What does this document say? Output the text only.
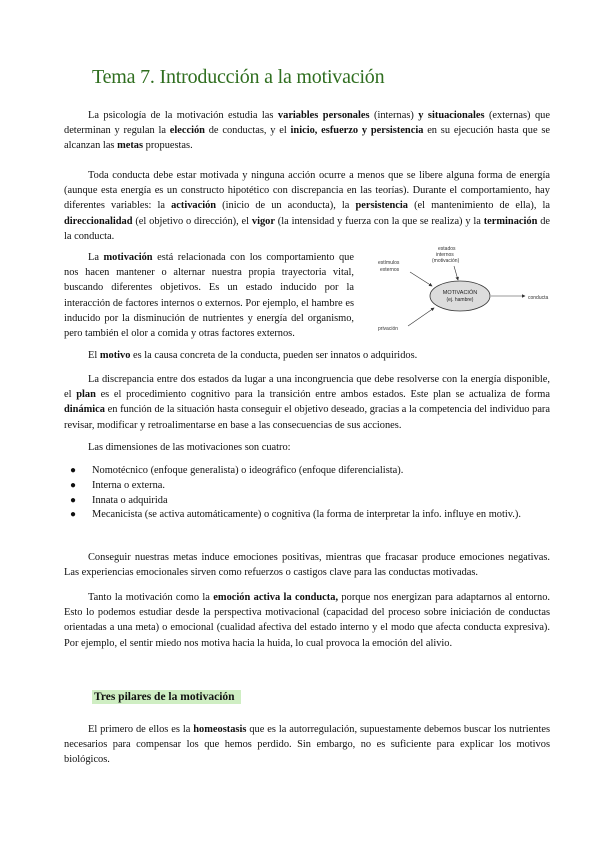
Tema 7. Introducción a la motivación

La psicología de la motivación estudia las variables personales (internas) y situacionales (externas) que determinan y regulan la elección de conductas, y el inicio, esfuerzo y persistencia en su ejecución hasta que se alcanzan las metas propuestas.

Toda conducta debe estar motivada y ninguna acción ocurre a menos que se libere alguna forma de energía (aunque esta energía es un constructo hipotético con discrepancia en las teorías). Durante el comportamiento, hay diferentes variables: la activación (inicio de un aconducta), la persistencia (el mantenimiento de ella), la direccionalidad (el objetivo o dirección), el vigor (la intensidad y fuerza con la que se realiza) y la terminación de la conducta.

La motivación está relacionada con los comportamiento que nos hacen mantener o alternar nuestra propia trayectoria vital, buscando diferentes objetivos. Es un estado inducido por la interacción de factores internos o externos. Por ejemplo, el hambre es inducido por la disminución de nutrientes y energía del organismo, pero también el olor a comida y otras factores externos.

MOTIVACIÓN
(ej. hambre)
estados
internos
(motivación)
estímulos
externos
conducta
privación

El motivo es la causa concreta de la conducta, pueden ser innatos o adquiridos.

La discrepancia entre dos estados da lugar a una incongruencia que debe resolverse con la energía disponible, el plan es el procedimiento cognitivo para la transición entre ambos estados. Este plan se actualiza de forma dinámica en función de la situación hasta conseguir el objetivo deseado, gracias a la competencia del individuo para revisar, modificar y retroalimentarse en base a las consecuencias de sus acciones.

Las dimensiones de las motivaciones son cuatro:

● Nomotécnico (enfoque generalista) o ideográfico (enfoque diferencialista).
● Interna o externa.
● Innata o adquirida
● Mecanicista (se activa automáticamente) o cognitiva (la forma de interpretar la info. influye en motiv.).

Conseguir nuestras metas induce emociones positivas, mientras que fracasar produce emociones negativas. Las experiencias emocionales sirven como refuerzos o castigos clave para las conductas motivadas.

Tanto la motivación como la emoción activa la conducta, porque nos energizan para adaptarnos al entorno. Esto lo podemos estudiar desde la perspectiva motivacional (capacidad del proceso sobre iniciación de conductas orientadas a una meta) o emocional (cualidad afectiva del estado interno y el modo que afecta conducta expresiva). Por ejemplo, el sentir miedo nos motiva hacia la huida, lo cual provoca la emoción del alivio.

Tres pilares de la motivación

El primero de ellos es la homeostasis que es la autorregulación, supuestamente debemos buscar los nutrientes necesarios para compensar los que hemos perdido. Sin embargo, no es suficiente para explicar los motivos biológicos.
